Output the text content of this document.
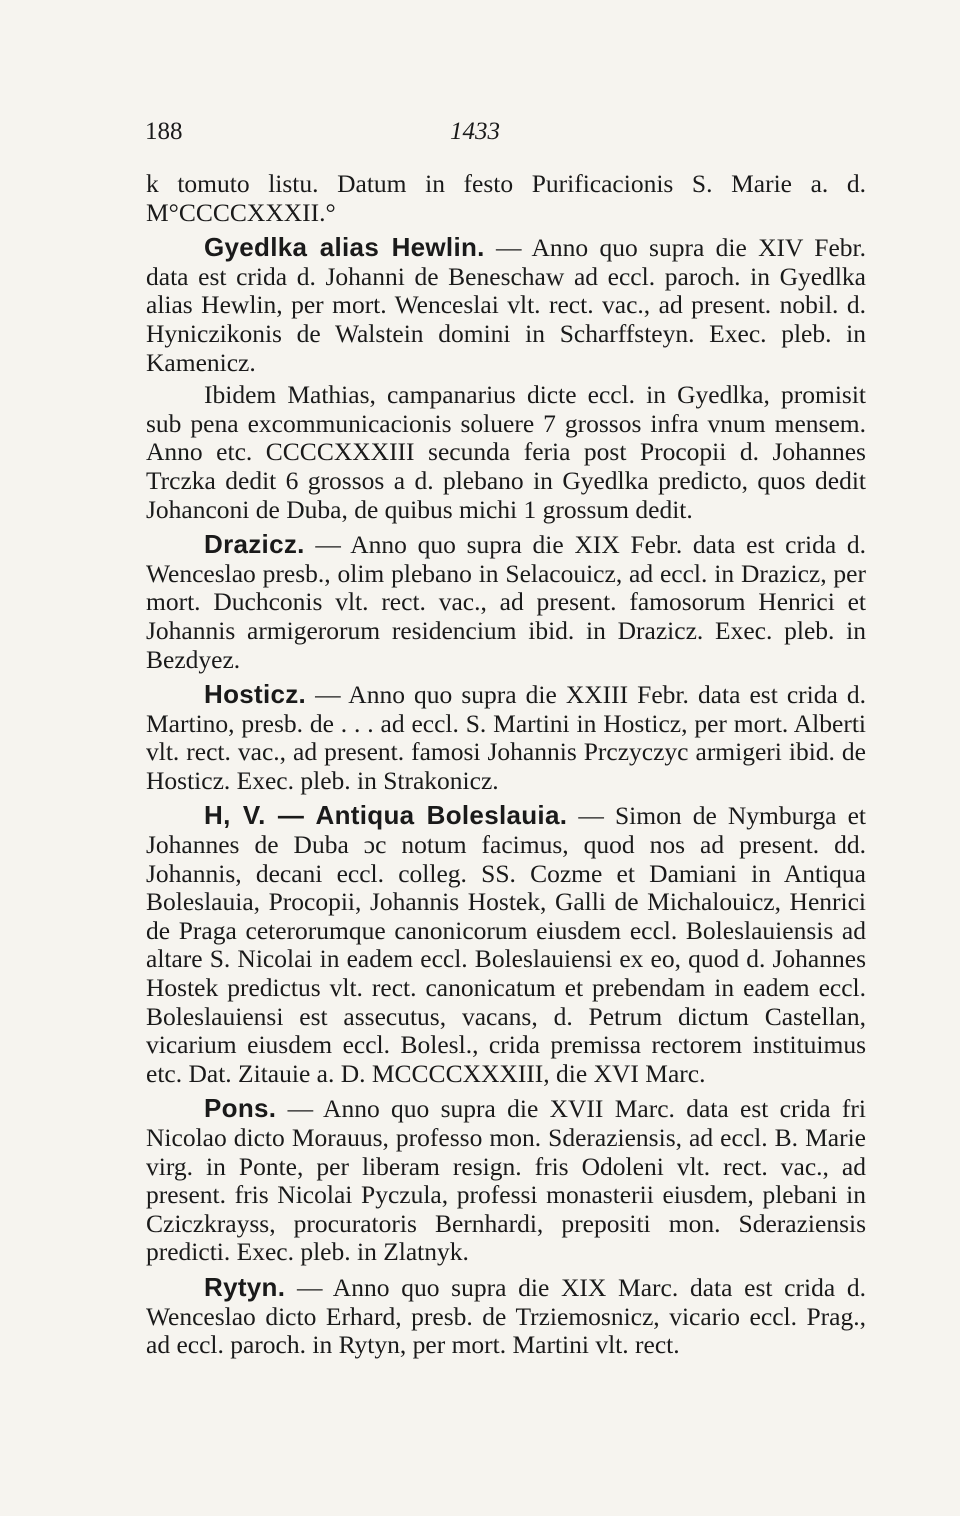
188	1433

k tomuto listu. Datum in festo Purificacionis S. Marie a. d. M°CCCCXXXII.°

Gyedlka alias Hewlin. — Anno quo supra die XIV Febr. data est crida d. Johanni de Beneschaw ad eccl. paroch. in Gyedlka alias Hewlin, per mort. Wenceslai vlt. rect. vac., ad present. nobil. d. Hyniczikonis de Walstein domini in Scharffsteyn. Exec. pleb. in Kamenicz.

Ibidem Mathias, campanarius dicte eccl. in Gyedlka, promisit sub pena excommunicacionis soluere 7 grossos infra vnum mensem. Anno etc. CCCCXXXIII secunda feria post Procopii d. Johannes Trczka dedit 6 grossos a d. plebano in Gyedlka predicto, quos dedit Johanconi de Duba, de quibus michi 1 grossum dedit.

Drazicz. — Anno quo supra die XIX Febr. data est crida d. Wenceslao presb., olim plebano in Selacouicz, ad eccl. in Drazicz, per mort. Duchconis vlt. rect. vac., ad present. famosorum Henrici et Johannis armigerorum residencium ibid. in Drazicz. Exec. pleb. in Bezdyez.

Hosticz. — Anno quo supra die XXIII Febr. data est crida d. Martino, presb. de . . . ad eccl. S. Martini in Hosticz, per mort. Alberti vlt. rect. vac., ad present. famosi Johannis Prczyczyc armigeri ibid. de Hosticz. Exec. pleb. in Strakonicz.

H, V. — Antiqua Boleslauia. — Simon de Nymburga et Johannes de Duba ɔc notum facimus, quod nos ad present. dd. Johannis, decani eccl. colleg. SS. Cozme et Damiani in Antiqua Boleslauia, Procopii, Johannis Hostek, Galli de Michalouicz, Henrici de Praga ceterorumque canonicorum eiusdem eccl. Boleslauiensis ad altare S. Nicolai in eadem eccl. Boleslauiensi ex eo, quod d. Johannes Hostek predictus vlt. rect. canonicatum et prebendam in eadem eccl. Boleslauiensi est assecutus, vacans, d. Petrum dictum Castellan, vicarium eiusdem eccl. Bolesl., crida premissa rectorem instituimus etc. Dat. Zitauie a. D. MCCCCXXXIII, die XVI Marc.

Pons. — Anno quo supra die XVII Marc. data est crida fri Nicolao dicto Morauus, professo mon. Sderaziensis, ad eccl. B. Marie virg. in Ponte, per liberam resign. fris Odoleni vlt. rect. vac., ad present. fris Nicolai Pyczula, professi monasterii eiusdem, plebani in Cziczkrayss, procuratoris Bernhardi, prepositi mon. Sderaziensis predicti. Exec. pleb. in Zlatnyk.

Rytyn. — Anno quo supra die XIX Marc. data est crida d. Wenceslao dicto Erhard, presb. de Trziemosnicz, vicario eccl. Prag., ad eccl. paroch. in Rytyn, per mort. Martini vlt. rect.
